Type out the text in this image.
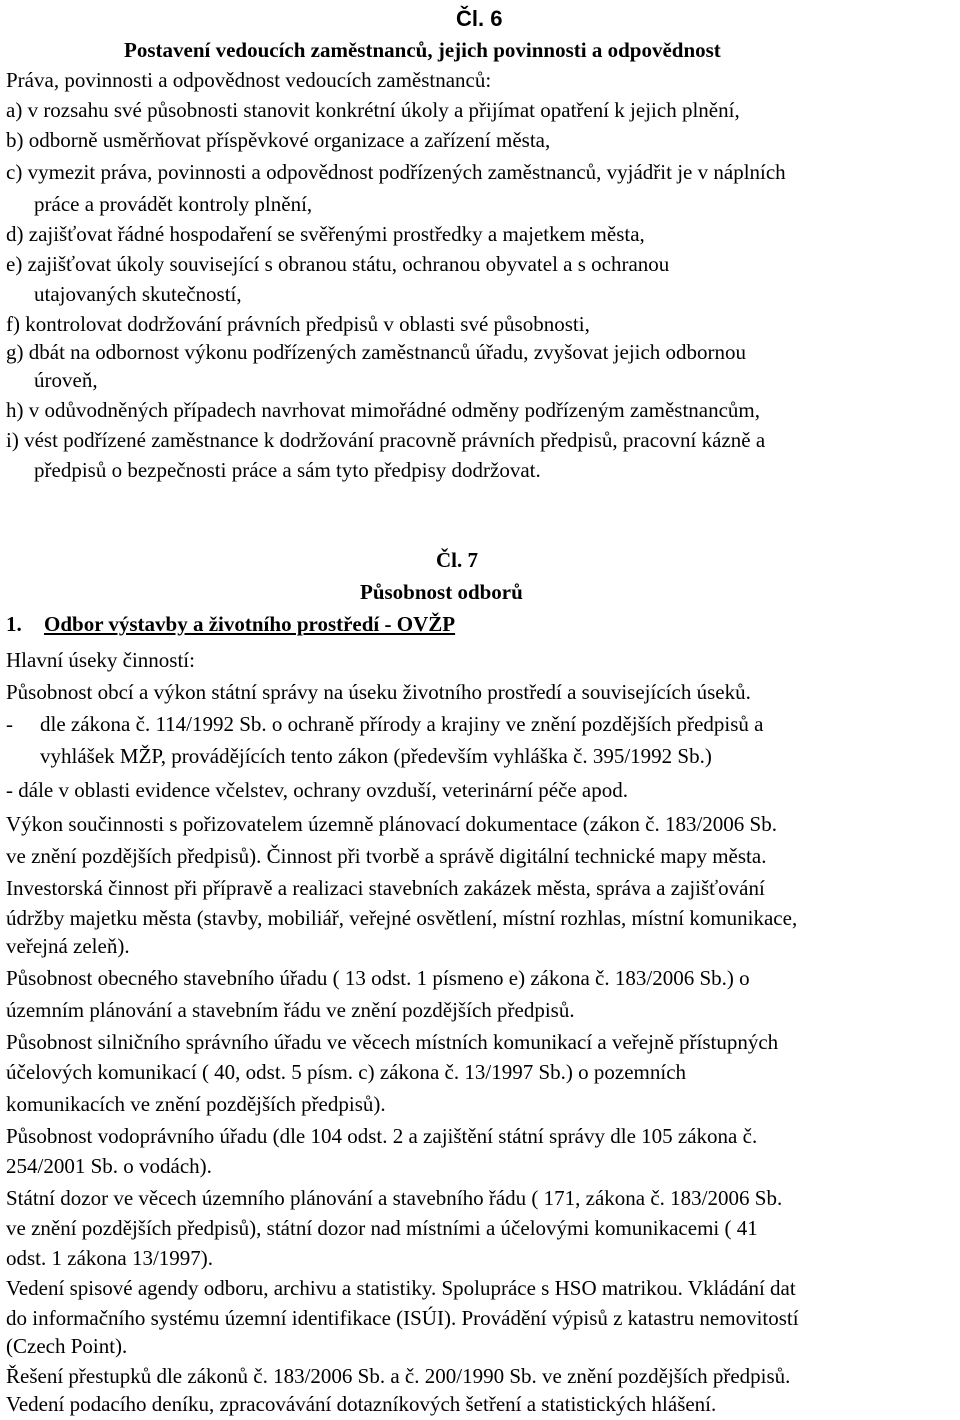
Čl. 6
Postavení vedoucích zaměstnanců, jejich povinnosti a odpovědnost
Práva, povinnosti a odpovědnost vedoucích zaměstnanců:
a) v rozsahu své působnosti stanovit konkrétní úkoly a přijímat opatření k jejich plnění,
b) odborně usměrňovat příspěvkové organizace a zařízení města,
c) vymezit práva, povinnosti a odpovědnost podřízených zaměstnanců, vyjádřit je v náplních
práce a provádět kontroly plnění,
d) zajišťovat řádné hospodaření se svěřenými prostředky a majetkem města,
e) zajišťovat úkoly související s obranou státu, ochranou obyvatel a s ochranou
utajovaných skutečností,
f) kontrolovat dodržování právních předpisů v oblasti své působnosti,
g) dbát na odbornost výkonu podřízených zaměstnanců úřadu, zvyšovat jejich odbornou
úroveň,
h) v odůvodněných případech navrhovat mimořádné odměny podřízeným zaměstnancům,
i) vést podřízené zaměstnance k dodržování pracovně právních předpisů, pracovní kázně a
předpisů o bezpečnosti práce a sám tyto předpisy dodržovat.
Čl. 7
Působnost odborů
1. Odbor výstavby a životního prostředí - OVŽP
Hlavní úseky činností:
Působnost obcí a výkon státní správy na úseku životního prostředí a souvisejících úseků.
- dle zákona č. 114/1992 Sb. o ochraně přírody a krajiny ve znění pozdějších předpisů a
vyhlášek MŽP, provádějících tento zákon (především vyhláška č. 395/1992 Sb.)
- dále v oblasti evidence včelstev, ochrany ovzduší, veterinární péče apod.
Výkon součinnosti s pořizovatelem územně plánovací dokumentace (zákon č. 183/2006 Sb.
ve znění pozdějších předpisů). Činnost při tvorbě a správě digitální technické mapy města.
Investorská činnost při přípravě a realizaci stavebních zakázek města, správa a zajišťování
údržby majetku města (stavby, mobiliář, veřejné osvětlení, místní rozhlas, místní komunikace,
veřejná zeleň).
Působnost obecného stavebního úřadu ( 13 odst. 1 písmeno e) zákona č. 183/2006 Sb.) o
územním plánování a stavebním řádu ve znění pozdějších předpisů.
Působnost silničního správního úřadu ve věcech místních komunikací a veřejně přístupných
účelových komunikací ( 40, odst. 5 písm. c) zákona č. 13/1997 Sb.) o pozemních
komunikacích ve znění pozdějších předpisů).
Působnost vodoprávního úřadu (dle 104 odst. 2 a zajištění státní správy dle 105 zákona č.
254/2001 Sb. o vodách).
Státní dozor ve věcech územního plánování a stavebního řádu ( 171, zákona č. 183/2006 Sb.
ve znění pozdějších předpisů), státní dozor nad místními a účelovými komunikacemi ( 41
odst. 1 zákona 13/1997).
Vedení spisové agendy odboru, archivu a statistiky. Spolupráce s HSO matrikou. Vkládání dat
do informačního systému územní identifikace (ISÚI). Provádění výpisů z katastru nemovitostí
(Czech Point).
Řešení přestupků dle zákonů č. 183/2006 Sb. a č. 200/1990 Sb. ve znění pozdějších předpisů.
Vedení podacího deníku, zpracovávání dotazníkových šetření a statistických hlášení.
